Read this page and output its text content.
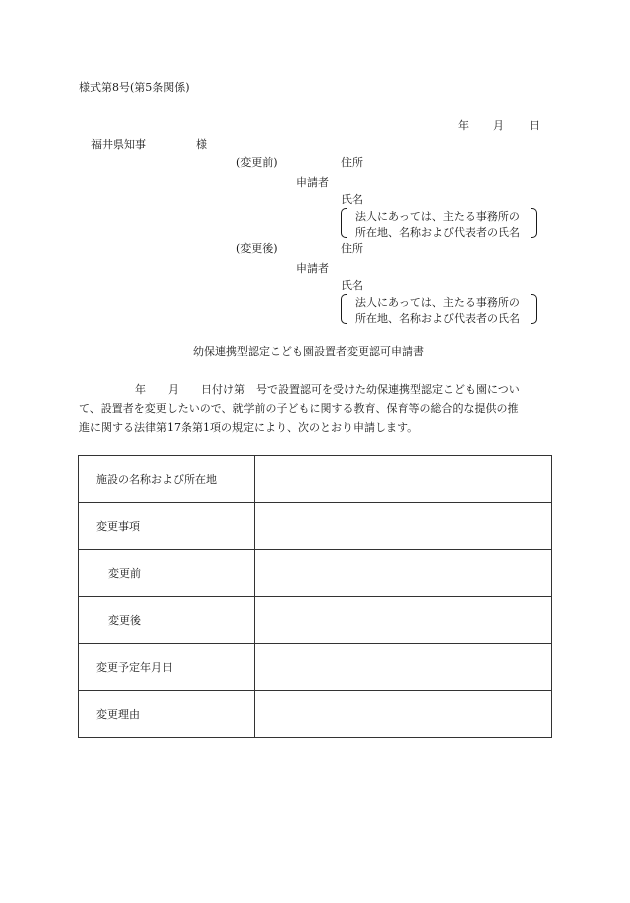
様式第8号(第5条関係)
年 月 日
福井県知事	様
(変更前)	住所
申請者
氏名
法人にあっては、主たる事務所の
所在地、名称および代表者の氏名
(変更後)	住所
申請者
氏名
法人にあっては、主たる事務所の
所在地、名称および代表者の氏名
幼保連携型認定こども園設置者変更認可申請書
年　　月　　日付け第　号で設置認可を受けた幼保連携型認定こども園につい
て、設置者を変更したいので、就学前の子どもに関する教育、保育等の総合的な提供の推
進に関する法律第17条第1項の規定により、次のとおり申請します。
施設の名称および所在地	
変更事項	
変更前	
変更後	
変更予定年月日	
変更理由	
